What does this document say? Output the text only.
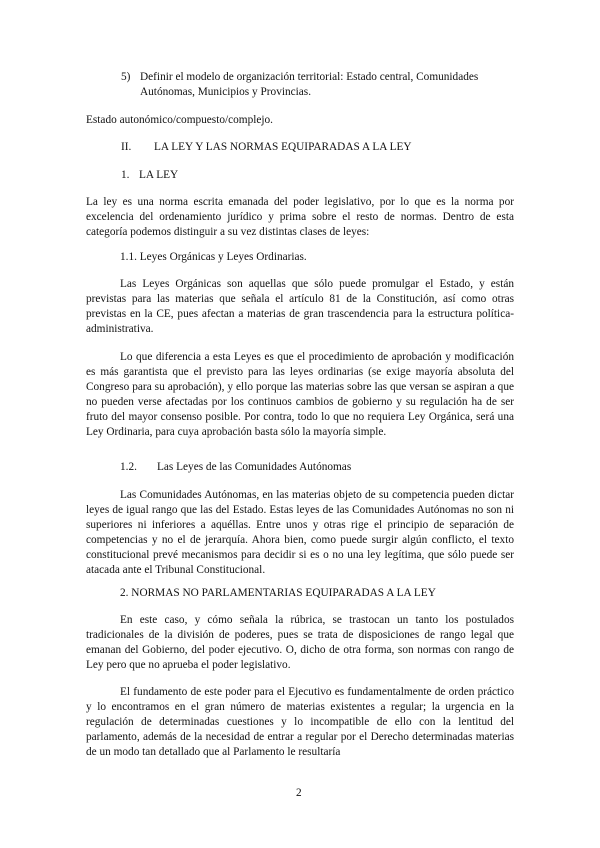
5) Definir el modelo de organización territorial: Estado central, Comunidades Autónomas, Municipios y Provincias.

Estado autonómico/compuesto/complejo.

II. LA LEY Y LAS NORMAS EQUIPARADAS A LA LEY
1. LA LEY

La ley es una norma escrita emanada del poder legislativo, por lo que es la norma por excelencia del ordenamiento jurídico y prima sobre el resto de normas. Dentro de esta categoría podemos distinguir a su vez distintas clases de leyes:

1.1. Leyes Orgánicas y Leyes Ordinarias.

Las Leyes Orgánicas son aquellas que sólo puede promulgar el Estado, y están previstas para las materias que señala el artículo 81 de la Constitución, así como otras previstas en la CE, pues afectan a materias de gran trascendencia para la estructura política-administrativa.

Lo que diferencia a esta Leyes es que el procedimiento de aprobación y modificación es más garantista que el previsto para las leyes ordinarias (se exige mayoría absoluta del Congreso para su aprobación), y ello porque las materias sobre las que versan se aspiran a que no pueden verse afectadas por los continuos cambios de gobierno y su regulación ha de ser fruto del mayor consenso posible. Por contra, todo lo que no requiera Ley Orgánica, será una Ley Ordinaria, para cuya aprobación basta sólo la mayoría simple.

1.2. Las Leyes de las Comunidades Autónomas

Las Comunidades Autónomas, en las materias objeto de su competencia pueden dictar leyes de igual rango que las del Estado. Estas leyes de las Comunidades Autónomas no son ni superiores ni inferiores a aquéllas. Entre unos y otras rige el principio de separación de competencias y no el de jerarquía. Ahora bien, como puede surgir algún conflicto, el texto constitucional prevé mecanismos para decidir si es o no una ley legítima, que sólo puede ser atacada ante el Tribunal Constitucional.

2. NORMAS NO PARLAMENTARIAS EQUIPARADAS A LA LEY

En este caso, y cómo señala la rúbrica, se trastocan un tanto los postulados tradicionales de la división de poderes, pues se trata de disposiciones de rango legal que emanan del Gobierno, del poder ejecutivo. O, dicho de otra forma, son normas con rango de Ley pero que no aprueba el poder legislativo.

El fundamento de este poder para el Ejecutivo es fundamentalmente de orden práctico y lo encontramos en el gran número de materias existentes a regular; la urgencia en la regulación de determinadas cuestiones y lo incompatible de ello con la lentitud del parlamento, además de la necesidad de entrar a regular por el Derecho determinadas materias de un modo tan detallado que al Parlamento le resultaría

2
